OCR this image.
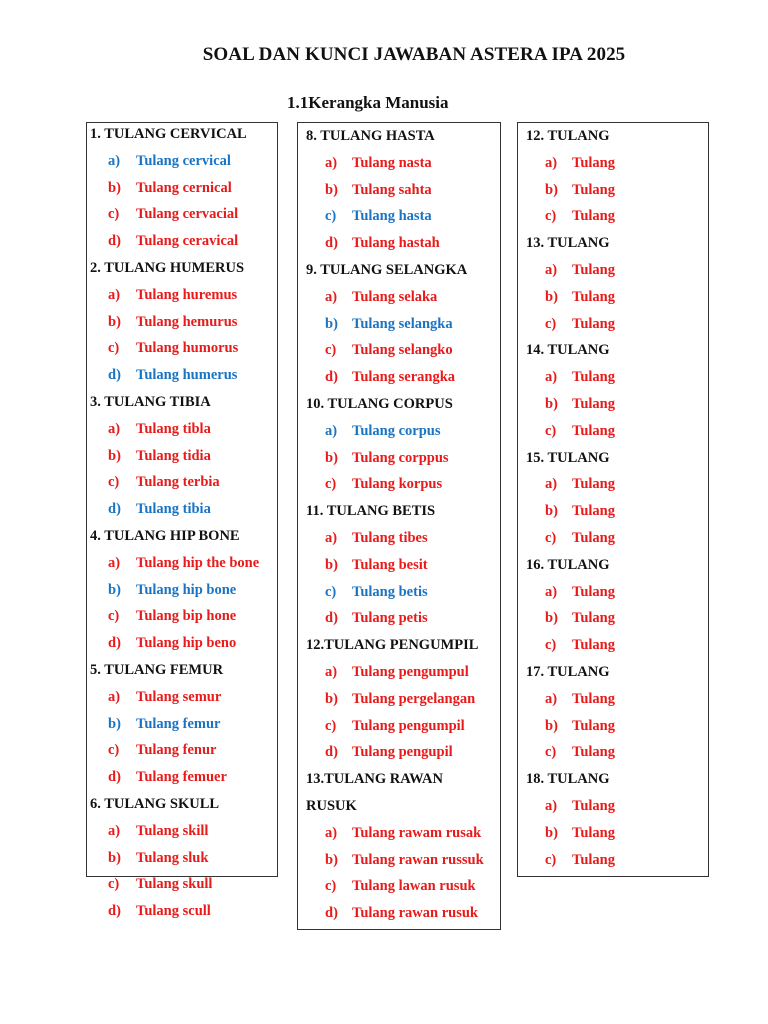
SOAL DAN KUNCI JAWABAN ASTERA IPA 2025
1.1Kerangka Manusia
1. TULANG CERVICAL
a) Tulang cervical
b) Tulang cernical
c) Tulang cervacial
d) Tulang ceravical
2. TULANG HUMERUS
a) Tulang huremus
b) Tulang hemurus
c) Tulang humorus
d) Tulang humerus
3. TULANG TIBIA
a) Tulang tibla
b) Tulang tidia
c) Tulang terbia
d) Tulang tibia
4. TULANG HIP BONE
a) Tulang hip the bone
b) Tulang hip bone
c) Tulang bip hone
d) Tulang hip beno
5. TULANG FEMUR
a) Tulang semur
b) Tulang femur
c) Tulang fenur
d) Tulang femuer
6. TULANG SKULL
a) Tulang skill
b) Tulang sluk
c) Tulang skull
d) Tulang scull
8. TULANG HASTA
a) Tulang nasta
b) Tulang sahta
c) Tulang hasta
d) Tulang hastah
9. TULANG SELANGKA
a) Tulang selaka
b) Tulang selangka
c) Tulang selangko
d) Tulang serangka
10. TULANG CORPUS
a) Tulang corpus
b) Tulang corppus
c) Tulang korpus
11. TULANG BETIS
a) Tulang tibes
b) Tulang besit
c) Tulang betis
d) Tulang petis
12.TULANG PENGUMPIL
a) Tulang pengumpul
b) Tulang pergelangan
c) Tulang pengumpil
d) Tulang pengupil
13.TULANG RAWAN
RUSUK
a) Tulang rawam rusak
b) Tulang rawan russuk
c) Tulang lawan rusuk
d) Tulang rawan rusuk
12. TULANG
a) Tulang
b) Tulang
c) Tulang
13. TULANG
a) Tulang
b) Tulang
c) Tulang
14. TULANG
a) Tulang
b) Tulang
c) Tulang
15. TULANG
a) Tulang
b) Tulang
c) Tulang
16. TULANG
a) Tulang
b) Tulang
c) Tulang
17. TULANG
a) Tulang
b) Tulang
c) Tulang
18. TULANG
a) Tulang
b) Tulang
c) Tulang
